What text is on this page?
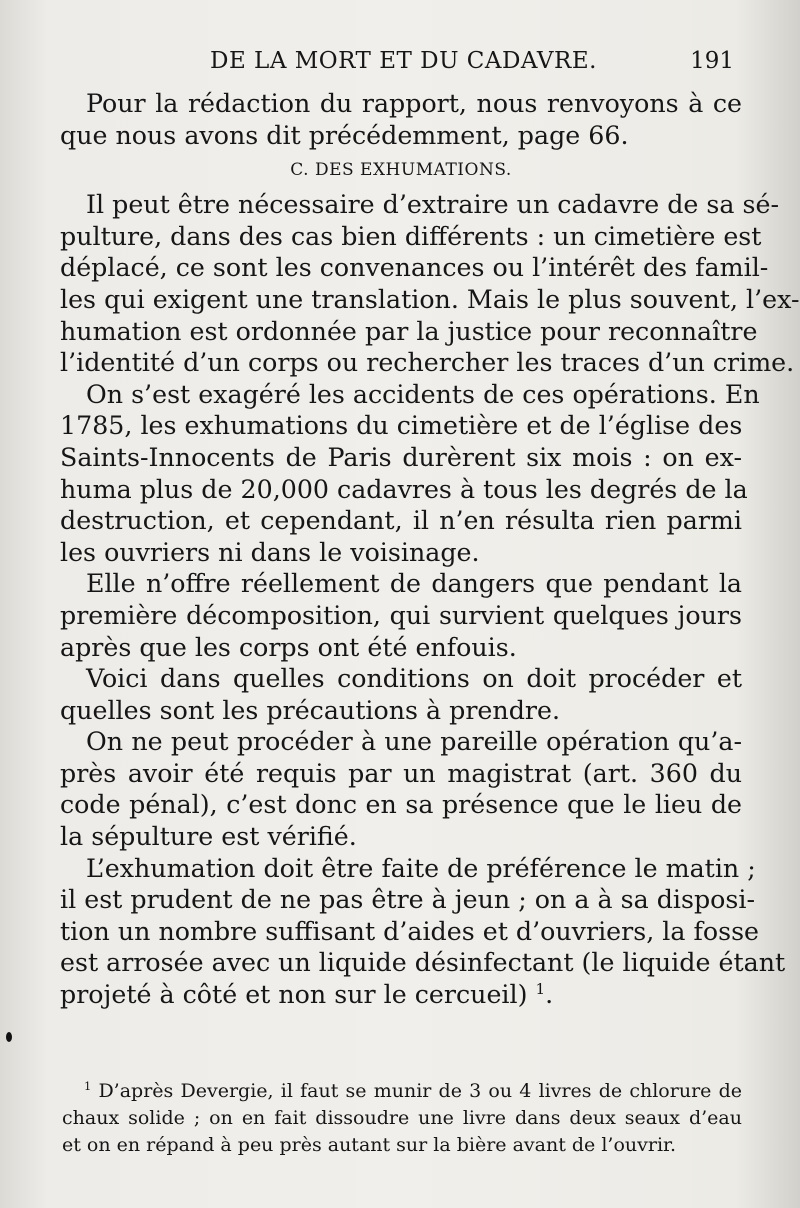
DE LA MORT ET DU CADAVRE.	191
Pour la rédaction du rapport, nous renvoyons à ce
que nous avons dit précédemment, page 66.
C. DES EXHUMATIONS.
Il peut être nécessaire d’extraire un cadavre de sa sé-
pulture, dans des cas bien différents : un cimetière est
déplacé, ce sont les convenances ou l’intérêt des famil-
les qui exigent une translation. Mais le plus souvent, l’ex-
humation est ordonnée par la justice pour reconnaître
l’identité d’un corps ou rechercher les traces d’un crime.
On s’est exagéré les accidents de ces opérations. En
1785, les exhumations du cimetière et de l’église des
Saints-Innocents de Paris durèrent six mois : on ex-
huma plus de 20,000 cadavres à tous les degrés de la
destruction, et cependant, il n’en résulta rien parmi
les ouvriers ni dans le voisinage.
Elle n’offre réellement de dangers que pendant la
première décomposition, qui survient quelques jours
après que les corps ont été enfouis.
Voici dans quelles conditions on doit procéder et
quelles sont les précautions à prendre.
On ne peut procéder à une pareille opération qu’a-
près avoir été requis par un magistrat (art. 360 du
code pénal), c’est donc en sa présence que le lieu de
la sépulture est vérifié.
L’exhumation doit être faite de préférence le matin ;
il est prudent de ne pas être à jeun ; on a à sa disposi-
tion un nombre suffisant d’aides et d’ouvriers, la fosse
est arrosée avec un liquide désinfectant (le liquide étant
projeté à côté et non sur le cercueil) $^1$.
$^1$ D’après Devergie, il faut se munir de 3 ou 4 livres de chlorure de
chaux solide ; on en fait dissoudre une livre dans deux seaux d’eau
et on en répand à peu près autant sur la bière avant de l’ouvrir.
